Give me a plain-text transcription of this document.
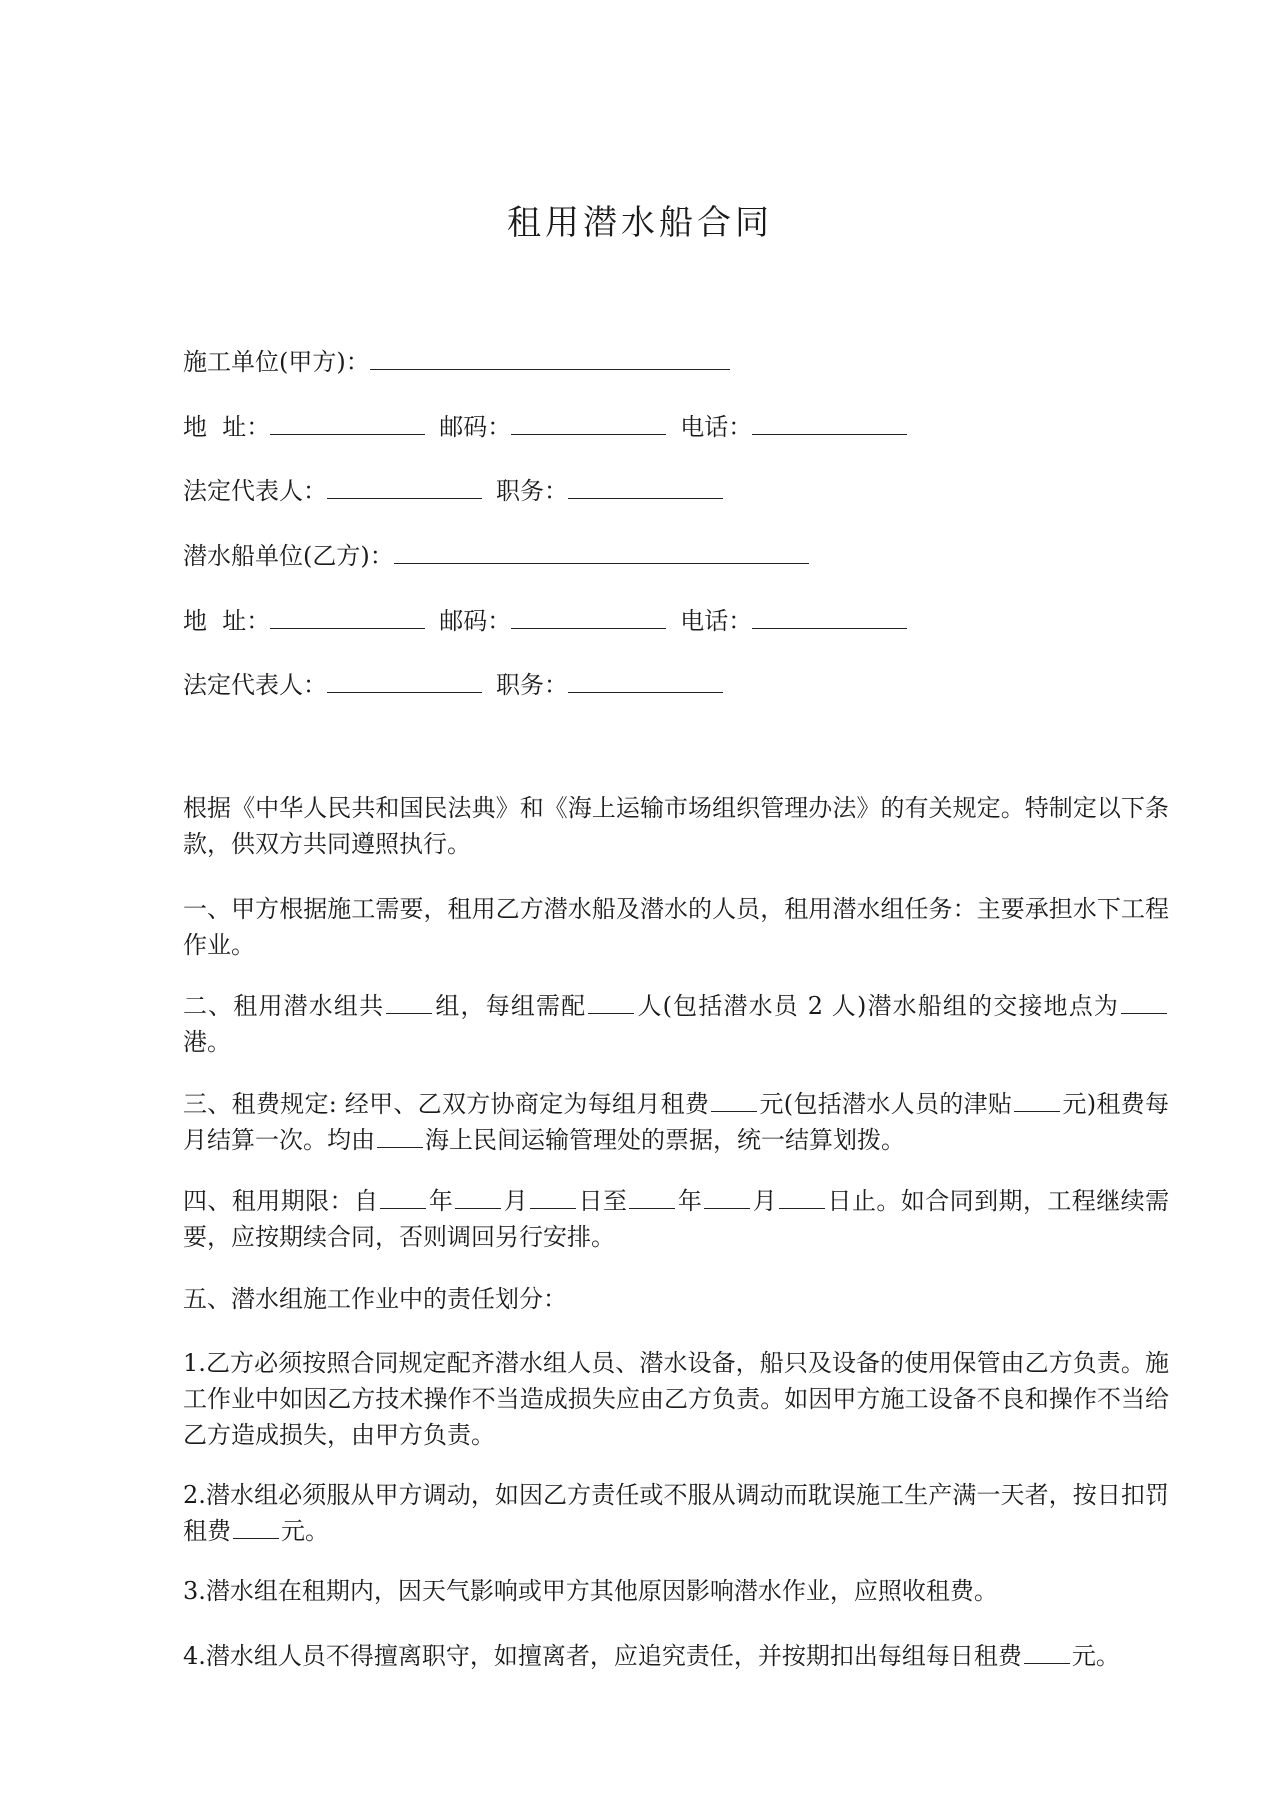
租用潜水船合同
施工单位(甲方)：
地  址：	邮码：	电话：
法定代表人：	职务：
潜水船单位(乙方)：
地  址：	邮码：	电话：
法定代表人：	职务：

根据《中华人民共和国民法典》和《海上运输市场组织管理办法》的有关规定。特制定以下条款，供双方共同遵照执行。

一、甲方根据施工需要，租用乙方潜水船及潜水的人员，租用潜水组任务：主要承担水下工程作业。

二、租用潜水组共 组，每组需配 人(包括潜水员 2 人)潜水船组的交接地点为港。

三、租费规定: 经甲、乙双方协商定为每组月租费 元(包括潜水人员的津贴 元)租费每月结算一次。均由 海上民间运输管理处的票据，统一结算划拨。

四、租用期限：自 年 月 日至 年 月 日止。如合同到期，工程继续需要，应按期续合同，否则调回另行安排。

五、潜水组施工作业中的责任划分：

1.乙方必须按照合同规定配齐潜水组人员、潜水设备，船只及设备的使用保管由乙方负责。施工作业中如因乙方技术操作不当造成损失应由乙方负责。如因甲方施工设备不良和操作不当给乙方造成损失，由甲方负责。

2.潜水组必须服从甲方调动，如因乙方责任或不服从调动而耽误施工生产满一天者，按日扣罚租费 元。

3.潜水组在租期内，因天气影响或甲方其他原因影响潜水作业，应照收租费。

4.潜水组人员不得擅离职守，如擅离者，应追究责任，并按期扣出每组每日租费 元。
